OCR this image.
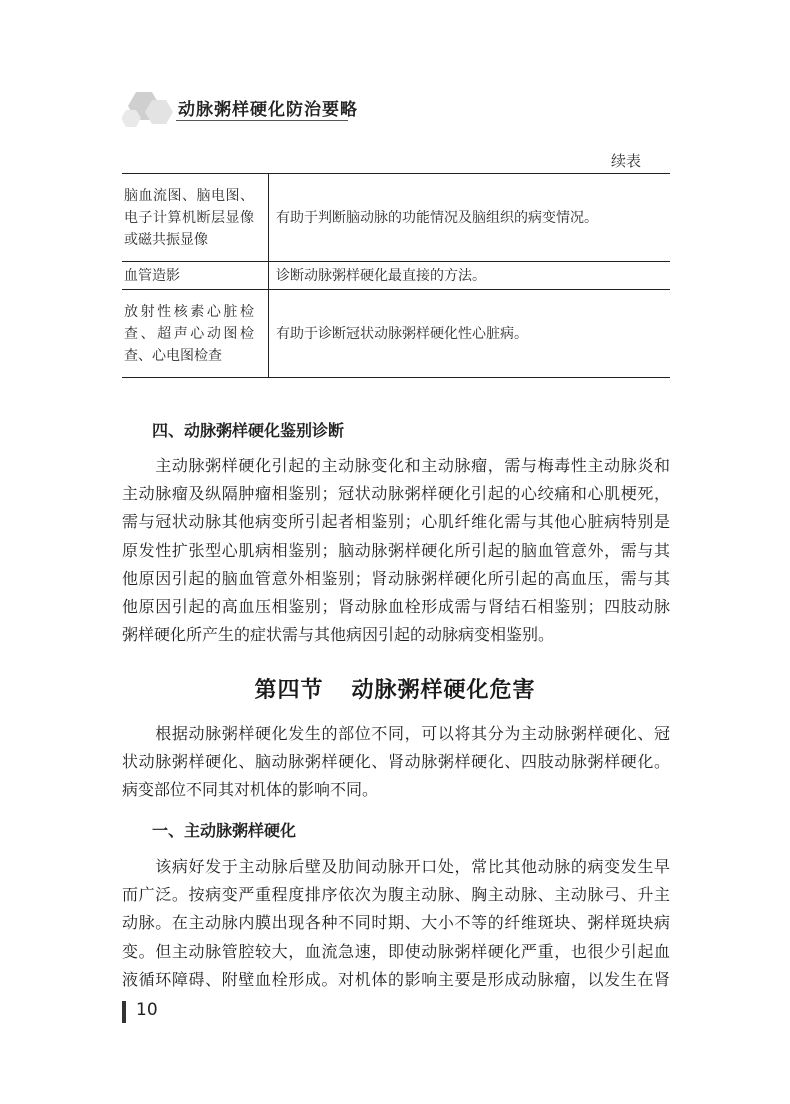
动脉粥样硬化防治要略
续表
脑血流图、脑电图、
电子计算机断层显像
或磁共振显像	有助于判断脑动脉的功能情况及脑组织的病变情况。

血管造影	诊断动脉粥样硬化最直接的方法。

放射性核素心脏检
查、超声心动图检
查、心电图检查	有助于诊断冠状动脉粥样硬化性心脏病。
四、动脉粥样硬化鉴别诊断
　　主动脉粥样硬化引起的主动脉变化和主动脉瘤，需与梅毒性主动脉炎和
主动脉瘤及纵隔肿瘤相鉴别；冠状动脉粥样硬化引起的心绞痛和心肌梗死，
需与冠状动脉其他病变所引起者相鉴别；心肌纤维化需与其他心脏病特别是
原发性扩张型心肌病相鉴别；脑动脉粥样硬化所引起的脑血管意外，需与其
他原因引起的脑血管意外相鉴别；肾动脉粥样硬化所引起的高血压，需与其
他原因引起的高血压相鉴别；肾动脉血栓形成需与肾结石相鉴别；四肢动脉
粥样硬化所产生的症状需与其他病因引起的动脉病变相鉴别。
第四节 动脉粥样硬化危害
　　根据动脉粥样硬化发生的部位不同，可以将其分为主动脉粥样硬化、冠
状动脉粥样硬化、脑动脉粥样硬化、肾动脉粥样硬化、四肢动脉粥样硬化。
病变部位不同其对机体的影响不同。
一、主动脉粥样硬化
　　该病好发于主动脉后壁及肋间动脉开口处，常比其他动脉的病变发生早
而广泛。按病变严重程度排序依次为腹主动脉、胸主动脉、主动脉弓、升主
动脉。在主动脉内膜出现各种不同时期、大小不等的纤维斑块、粥样斑块病
变。但主动脉管腔较大，血流急速，即使动脉粥样硬化严重，也很少引起血
液循环障碍、附壁血栓形成。对机体的影响主要是形成动脉瘤，以发生在肾
10
